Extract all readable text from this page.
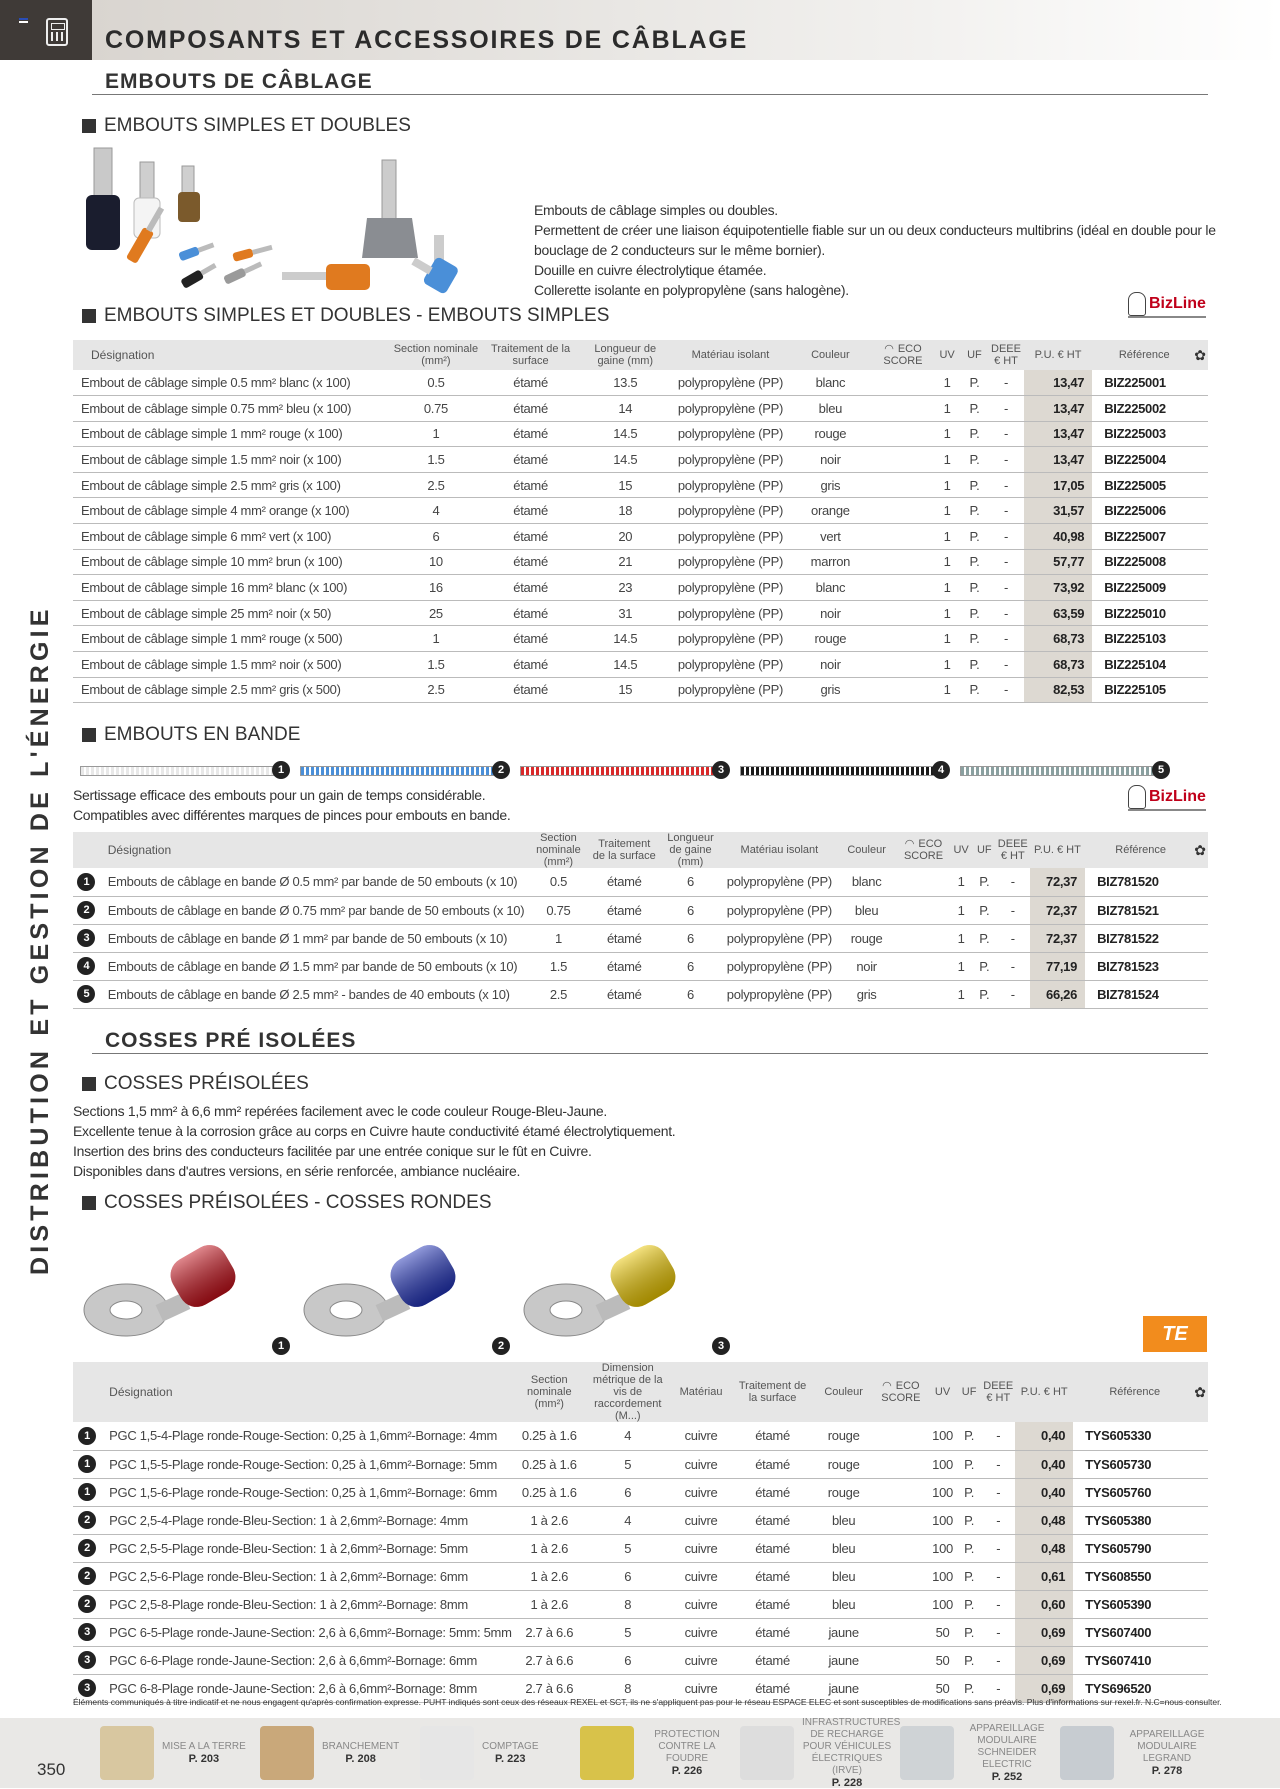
COMPOSANTS ET ACCESSOIRES DE CÂBLAGE
DISTRIBUTION ET GESTION DE L'ÉNERGIE
EMBOUTS DE CÂBLAGE
EMBOUTS SIMPLES ET DOUBLES
Embouts de câblage simples ou doubles.
Permettent de créer une liaison équipotentielle fiable sur un ou deux conducteurs multibrins (idéal en double pour le
bouclage de 2 conducteurs sur le même bornier).
Douille en cuivre électrolytique étamée.
Collerette isolante en polypropylène (sans halogène).
EMBOUTS SIMPLES ET DOUBLES - EMBOUTS SIMPLES
BizLine
Désignation	Section nominale (mm²)	Traitement de la surface	Longueur de gaine (mm)	Matériau isolant	Couleur	◠ ECO SCORE	UV	UF	DEEE € HT	P.U. € HT	Référence ✿

Embout de câblage simple 0.5 mm² blanc (x 100)	0.5	étamé	13.5	polypropylène (PP)	blanc		1	P.	-	13,47	BIZ225001
Embout de câblage simple 0.75 mm² bleu (x 100)	0.75	étamé	14	polypropylène (PP)	bleu		1	P.	-	13,47	BIZ225002
Embout de câblage simple 1 mm² rouge (x 100)	1	étamé	14.5	polypropylène (PP)	rouge		1	P.	-	13,47	BIZ225003
Embout de câblage simple 1.5 mm² noir (x 100)	1.5	étamé	14.5	polypropylène (PP)	noir		1	P.	-	13,47	BIZ225004
Embout de câblage simple 2.5 mm² gris (x 100)	2.5	étamé	15	polypropylène (PP)	gris		1	P.	-	17,05	BIZ225005
Embout de câblage simple 4 mm² orange (x 100)	4	étamé	18	polypropylène (PP)	orange		1	P.	-	31,57	BIZ225006
Embout de câblage simple 6 mm² vert (x 100)	6	étamé	20	polypropylène (PP)	vert		1	P.	-	40,98	BIZ225007
Embout de câblage simple 10 mm² brun (x 100)	10	étamé	21	polypropylène (PP)	marron		1	P.	-	57,77	BIZ225008
Embout de câblage simple 16 mm² blanc (x 100)	16	étamé	23	polypropylène (PP)	blanc		1	P.	-	73,92	BIZ225009
Embout de câblage simple 25 mm² noir (x 50)	25	étamé	31	polypropylène (PP)	noir		1	P.	-	63,59	BIZ225010
Embout de câblage simple 1 mm² rouge (x 500)	1	étamé	14.5	polypropylène (PP)	rouge		1	P.	-	68,73	BIZ225103
Embout de câblage simple 1.5 mm² noir (x 500)	1.5	étamé	14.5	polypropylène (PP)	noir		1	P.	-	68,73	BIZ225104
Embout de câblage simple 2.5 mm² gris (x 500)	2.5	étamé	15	polypropylène (PP)	gris		1	P.	-	82,53	BIZ225105
EMBOUTS EN BANDE
1	2	3	4	5
Sertissage efficace des embouts pour un gain de temps considérable.
Compatibles avec différentes marques de pinces pour embouts en bande.
BizLine
	Désignation	Section nominale (mm²)	Traitement de la surface	Longueur de gaine (mm)	Matériau isolant	Couleur	◠ ECO SCORE	UV	UF	DEEE € HT	P.U. € HT	Référence ✿

1	Embouts de câblage en bande Ø 0.5 mm² par bande de 50 embouts (x 10)	0.5	étamé	6	polypropylène (PP)	blanc		1	P.	-	72,37	BIZ781520
2	Embouts de câblage en bande Ø 0.75 mm² par bande de 50 embouts (x 10)	0.75	étamé	6	polypropylène (PP)	bleu		1	P.	-	72,37	BIZ781521
3	Embouts de câblage en bande Ø 1 mm² par bande de 50 embouts (x 10)	1	étamé	6	polypropylène (PP)	rouge		1	P.	-	72,37	BIZ781522
4	Embouts de câblage en bande Ø 1.5 mm² par bande de 50 embouts (x 10)	1.5	étamé	6	polypropylène (PP)	noir		1	P.	-	77,19	BIZ781523
5	Embouts de câblage en bande Ø 2.5 mm² - bandes de 40 embouts (x 10)	2.5	étamé	6	polypropylène (PP)	gris		1	P.	-	66,26	BIZ781524
COSSES PRÉ ISOLÉES
COSSES PRÉISOLÉES
Sections 1,5 mm² à 6,6 mm² repérées facilement avec le code couleur Rouge-Bleu-Jaune.
Excellente tenue à la corrosion grâce au corps en Cuivre haute conductivité étamé électrolytiquement.
Insertion des brins des conducteurs facilitée par une entrée conique sur le fût en Cuivre.
Disponibles dans d'autres versions, en série renforcée, ambiance nucléaire.
COSSES PRÉISOLÉES - COSSES RONDES
1	2	3
TE
	Désignation	Section nominale (mm²)	Dimension métrique de la vis de raccordement (M...)	Matériau	Traitement de la surface	Couleur	◠ ECO SCORE	UV	UF	DEEE € HT	P.U. € HT	Référence ✿

1	PGC 1,5-4-Plage ronde-Rouge-Section: 0,25 à 1,6mm²-Bornage: 4mm	0.25 à 1.6	4	cuivre	étamé	rouge		100	P.	-	0,40	TYS605330
1	PGC 1,5-5-Plage ronde-Rouge-Section: 0,25 à 1,6mm²-Bornage: 5mm	0.25 à 1.6	5	cuivre	étamé	rouge		100	P.	-	0,40	TYS605730
1	PGC 1,5-6-Plage ronde-Rouge-Section: 0,25 à 1,6mm²-Bornage: 6mm	0.25 à 1.6	6	cuivre	étamé	rouge		100	P.	-	0,40	TYS605760
2	PGC 2,5-4-Plage ronde-Bleu-Section: 1 à 2,6mm²-Bornage: 4mm	1 à 2.6	4	cuivre	étamé	bleu		100	P.	-	0,48	TYS605380
2	PGC 2,5-5-Plage ronde-Bleu-Section: 1 à 2,6mm²-Bornage: 5mm	1 à 2.6	5	cuivre	étamé	bleu		100	P.	-	0,48	TYS605790
2	PGC 2,5-6-Plage ronde-Bleu-Section: 1 à 2,6mm²-Bornage: 6mm	1 à 2.6	6	cuivre	étamé	bleu		100	P.	-	0,61	TYS608550
2	PGC 2,5-8-Plage ronde-Bleu-Section: 1 à 2,6mm²-Bornage: 8mm	1 à 2.6	8	cuivre	étamé	bleu		100	P.	-	0,60	TYS605390
3	PGC 6-5-Plage ronde-Jaune-Section: 2,6 à 6,6mm²-Bornage: 5mm: 5mm	2.7 à 6.6	5	cuivre	étamé	jaune		50	P.	-	0,69	TYS607400
3	PGC 6-6-Plage ronde-Jaune-Section: 2,6 à 6,6mm²-Bornage: 6mm	2.7 à 6.6	6	cuivre	étamé	jaune		50	P.	-	0,69	TYS607410
3	PGC 6-8-Plage ronde-Jaune-Section: 2,6 à 6,6mm²-Bornage: 8mm	2.7 à 6.6	8	cuivre	étamé	jaune		50	P.	-	0,69	TYS696520
Éléments communiqués à titre indicatif et ne nous engagent qu'après confirmation expresse. PUHT indiqués sont ceux des réseaux REXEL et SCT, ils ne s'appliquent pas pour le réseau ESPACE ELEC et sont susceptibles de modifications sans préavis. Plus d'informations sur rexel.fr. N.C=nous consulter.
MISE A LA TERRE
P. 203
BRANCHEMENT
P. 208
COMPTAGE
P. 223
PROTECTION CONTRE LA FOUDRE
P. 226
INFRASTRUCTURES DE RECHARGE POUR VÉHICULES ÉLECTRIQUES (IRVE)
P. 228
APPAREILLAGE MODULAIRE SCHNEIDER ELECTRIC
P. 252
APPAREILLAGE MODULAIRE LEGRAND
P. 278
350
